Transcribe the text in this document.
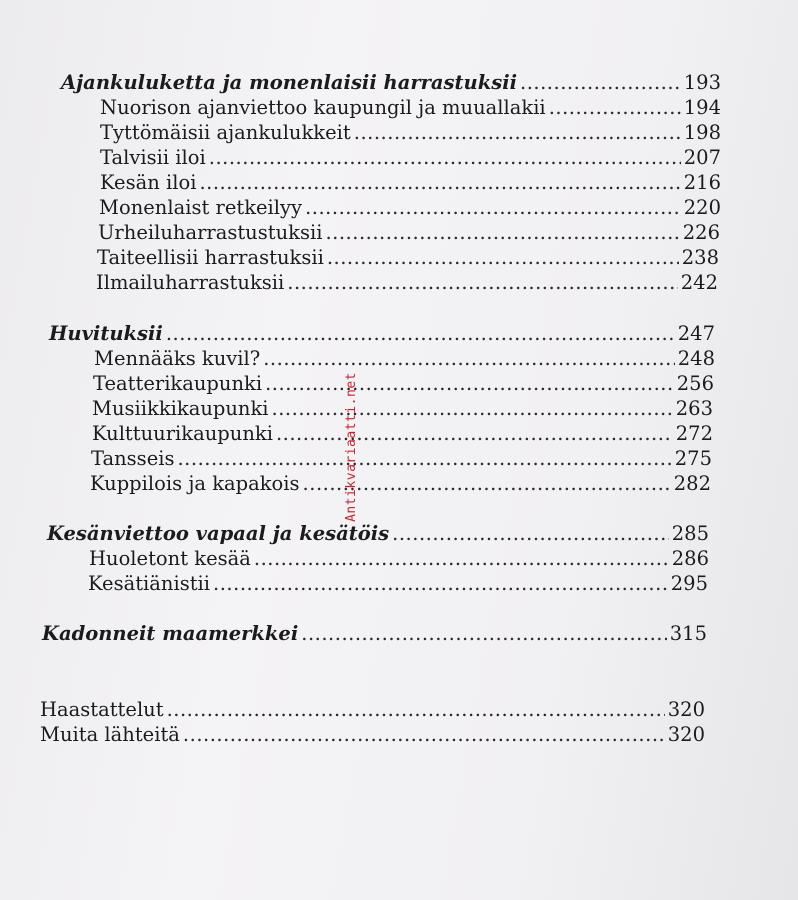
Ajankuluketta ja monenlaisii harrastuksii .....	193
Nuorison ajanviettoo kaupungil ja muuallakii .....	194
Tyttömäisii ajankulukkeit .....	198
Talvisii iloi .....	207
Kesän iloi .....	216
Monenlaist retkeilyy .....	220
Urheiluharrastustuksii .....	226
Taiteellisii harrastuksii .....	238
Ilmailuharrastuksii .....	242
Huvituksii .....	247
Mennääks kuvil? .....	248
Teatterikaupunki .....	256
Musiikkikaupunki .....	263
Kulttuurikaupunki .....	272
Tansseis .....	275
Kuppilois ja kapakois .....	282
Kesänviettoo vapaal ja kesätöis .....	285
Huoletont kesää .....	286
Kesätiänistii .....	295
Kadonneit maamerkkei .....	315
Haastattelut .....	320
Muita lähteitä .....	320
Antikvariaatti.net
